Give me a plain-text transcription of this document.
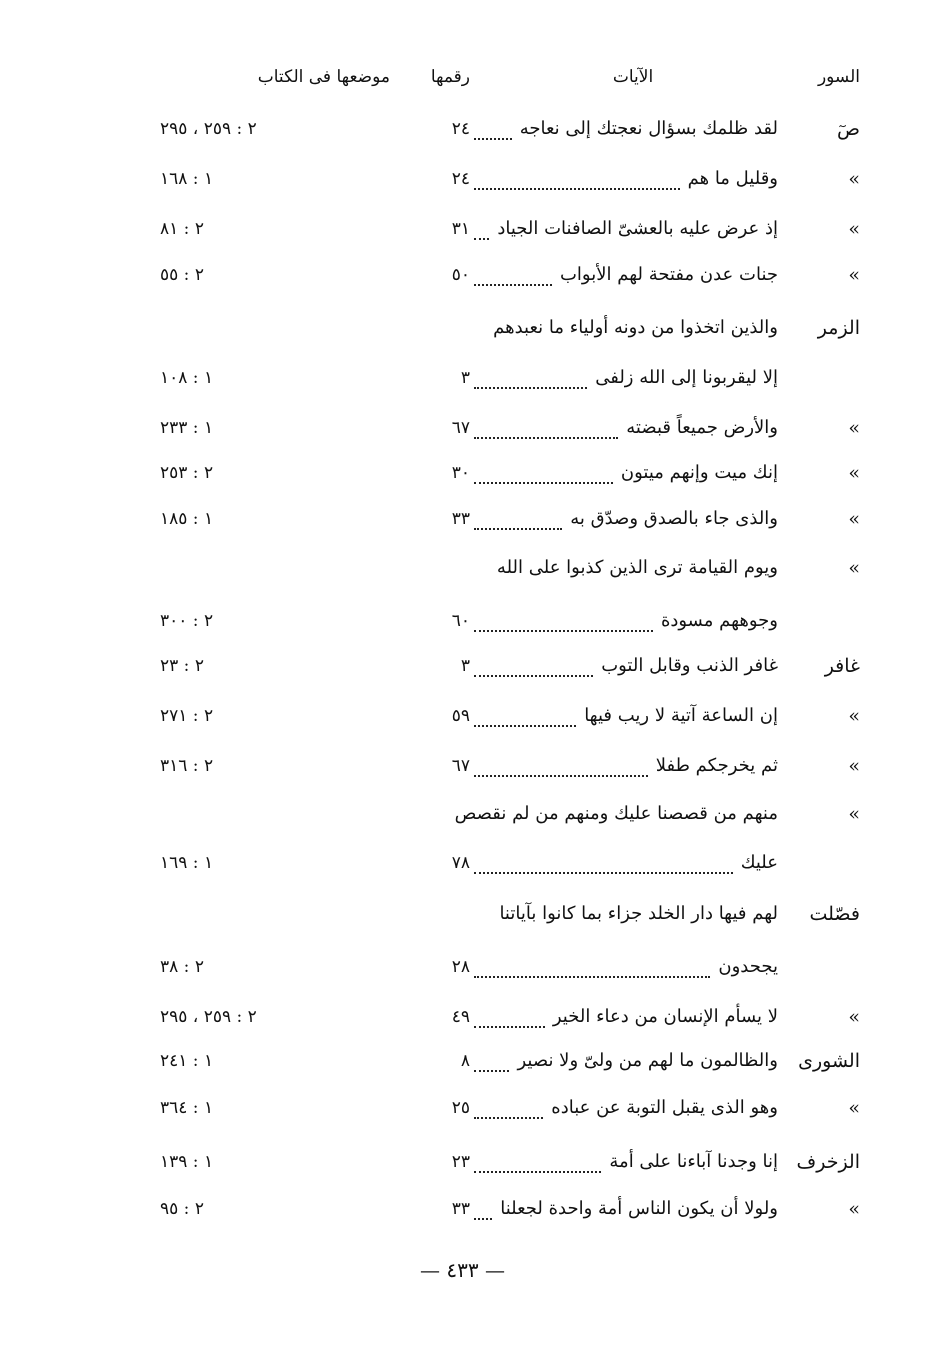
السور
الآيات
رقمها
موضعها فى الكتاب
صٓ
لقد ظلمك بسؤال نعجتك إلى نعاجه
٢٤
٢ : ٢٥٩ ، ٢٩٥
»
وقليل ما هم
٢٤
١ : ١٦٨
»
إذ عرض عليه بالعشىّ الصافنات الجياد
٣١
٢ : ٨١
»
جنات عدن مفتحة لهم الأبواب
٥٠
٢ : ٥٥
الزمر
والذين اتخذوا من دونه أولياء ما نعبدهم
إلا ليقربونا إلى الله زلفى
٣
١ : ١٠٨
»
والأرض جميعاً قبضته
٦٧
١ : ٢٣٣
»
إنك ميت وإنهم ميتون
٣٠
٢ : ٢٥٣
»
والذى جاء بالصدق وصدّق به
٣٣
١ : ١٨٥
»
ويوم القيامة ترى الذين كذبوا على الله
وجوههم مسودة
٦٠
٢ : ٣٠٠
غافر
غافر الذنب وقابل التوب
٣
٢ : ٢٣
»
إن الساعة آتية لا ريب فيها
٥٩
٢ : ٢٧١
»
ثم يخرجكم طفلا
٦٧
٢ : ٣١٦
»
منهم من قصصنا عليك ومنهم من لم نقصص
عليك
٧٨
١ : ١٦٩
فصّلت
لهم فيها دار الخلد جزاء بما كانوا بآياتنا
يجحدون
٢٨
٢ : ٣٨
»
لا يسأم الإنسان من دعاء الخير
٤٩
٢ : ٢٥٩ ، ٢٩٥
الشورى
والظالمون ما لهم من ولىّ ولا نصير
٨
١ : ٢٤١
»
وهو الذى يقبل التوبة عن عباده
٢٥
١ : ٣٦٤
الزخرف
إنا وجدنا آباءنا على أمة
٢٣
١ : ١٣٩
»
ولولا أن يكون الناس أمة واحدة لجعلنا
٣٣
٢ : ٩٥
— ٤٣٣ —
